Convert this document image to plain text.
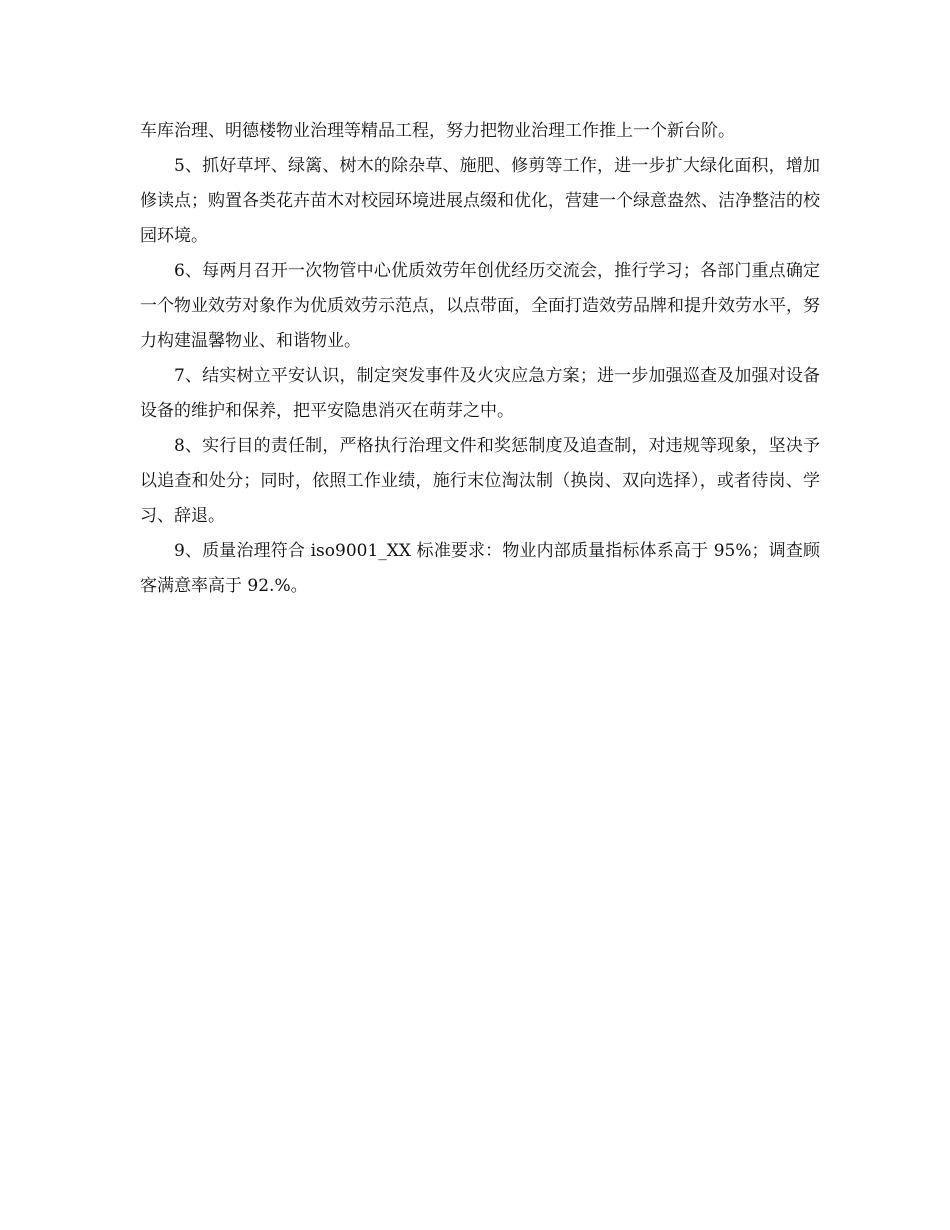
车库治理、明德楼物业治理等精品工程，努力把物业治理工作推上一个新台阶。

5、抓好草坪、绿篱、树木的除杂草、施肥、修剪等工作，进一步扩大绿化面积，增加修读点；购置各类花卉苗木对校园环境进展点缀和优化，营建一个绿意盎然、洁净整洁的校园环境。

6、每两月召开一次物管中心优质效劳年创优经历交流会，推行学习；各部门重点确定一个物业效劳对象作为优质效劳示范点，以点带面，全面打造效劳品牌和提升效劳水平，努力构建温馨物业、和谐物业。

7、结实树立平安认识，制定突发事件及火灾应急方案；进一步加强巡查及加强对设备设备的维护和保养，把平安隐患消灭在萌芽之中。

8、实行目的责任制，严格执行治理文件和奖惩制度及追查制，对违规等现象，坚决予以追查和处分；同时，依照工作业绩，施行末位淘汰制（换岗、双向选择），或者待岗、学习、辞退。

9、质量治理符合 iso9001_XX 标准要求：物业内部质量指标体系高于 95%；调查顾客满意率高于 92.%。
